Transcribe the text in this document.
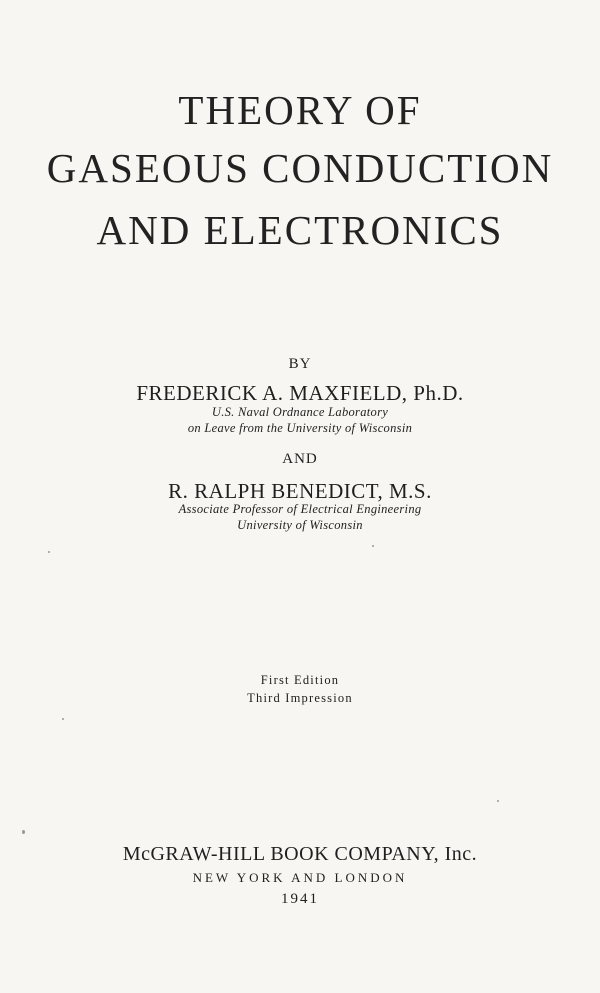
THEORY OF
GASEOUS CONDUCTION
AND ELECTRONICS
BY
FREDERICK A. MAXFIELD, Ph.D.
U.S. Naval Ordnance Laboratory
on Leave from the University of Wisconsin
AND
R. RALPH BENEDICT, M.S.
Associate Professor of Electrical Engineering
University of Wisconsin
First Edition
Third Impression
McGRAW-HILL BOOK COMPANY, Inc.
NEW YORK AND LONDON
1941
